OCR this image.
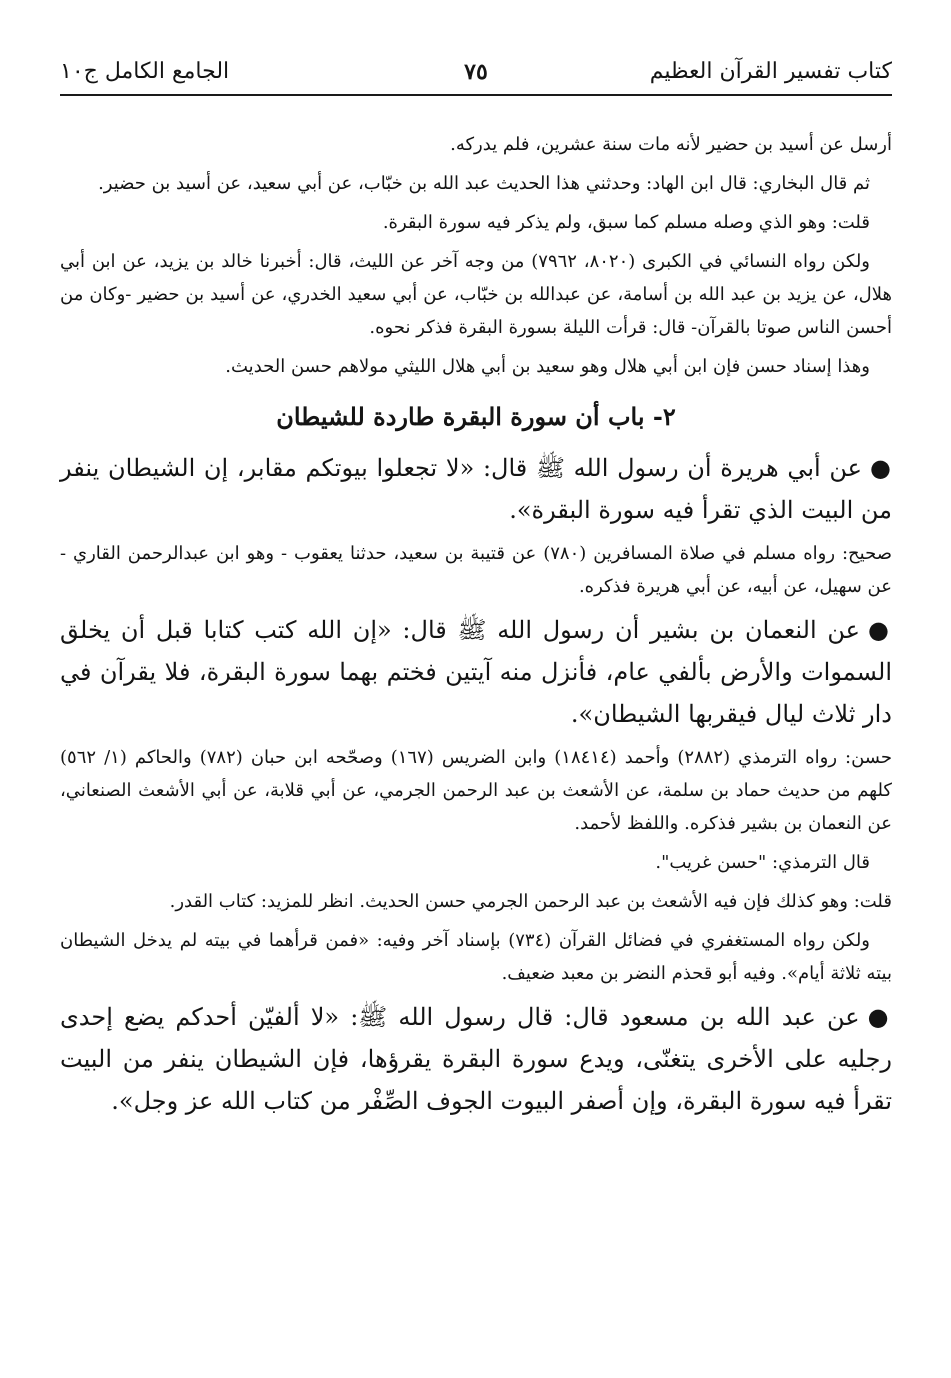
كتاب تفسير القرآن العظيم
٧٥
الجامع الكامل ج١٠

أرسل عن أسيد بن حضير لأنه مات سنة عشرين، فلم يدركه.

ثم قال البخاري: قال ابن الهاد: وحدثني هذا الحديث عبد الله بن خبّاب، عن أبي سعيد، عن أسيد بن حضير.

قلت: وهو الذي وصله مسلم كما سبق، ولم يذكر فيه سورة البقرة.

ولكن رواه النسائي في الكبرى (٨٠٢٠، ٧٩٦٢) من وجه آخر عن الليث، قال: أخبرنا خالد بن يزيد، عن ابن أبي هلال، عن يزيد بن عبد الله بن أسامة، عن عبدالله بن خبّاب، عن أبي سعيد الخدري، عن أسيد بن حضير -وكان من أحسن الناس صوتا بالقرآن- قال: قرأت الليلة بسورة البقرة فذكر نحوه.

وهذا إسناد حسن فإن ابن أبي هلال وهو سعيد بن أبي هلال الليثي مولاهم حسن الحديث.

٢- باب أن سورة البقرة طاردة للشيطان

●عن أبي هريرة أن رسول الله ﷺ قال: «لا تجعلوا بيوتكم مقابر، إن الشيطان ينفر من البيت الذي تقرأ فيه سورة البقرة».

صحيح: رواه مسلم في صلاة المسافرين (٧٨٠) عن قتيبة بن سعيد، حدثنا يعقوب - وهو ابن عبدالرحمن القاري - عن سهيل، عن أبيه، عن أبي هريرة فذكره.

●عن النعمان بن بشير أن رسول الله ﷺ قال: «إن الله كتب كتابا قبل أن يخلق السموات والأرض بألفي عام، فأنزل منه آيتين فختم بهما سورة البقرة، فلا يقرآن في دار ثلاث ليال فيقربها الشيطان».

حسن: رواه الترمذي (٢٨٨٢) وأحمد (١٨٤١٤) وابن الضريس (١٦٧) وصحّحه ابن حبان (٧٨٢) والحاكم (١/ ٥٦٢) كلهم من حديث حماد بن سلمة، عن الأشعث بن عبد الرحمن الجرمي، عن أبي قلابة، عن أبي الأشعث الصنعاني، عن النعمان بن بشير فذكره. واللفظ لأحمد.

قال الترمذي: "حسن غريب".

قلت: وهو كذلك فإن فيه الأشعث بن عبد الرحمن الجرمي حسن الحديث. انظر للمزيد: كتاب القدر.

ولكن رواه المستغفري في فضائل القرآن (٧٣٤) بإسناد آخر وفيه: «فمن قرأهما في بيته لم يدخل الشيطان بيته ثلاثة أيام». وفيه أبو قحذم النضر بن معبد ضعيف.

●عن عبد الله بن مسعود قال: قال رسول الله ﷺ: «لا ألفيّن أحدكم يضع إحدى رجليه على الأخرى يتغنّى، ويدع سورة البقرة يقرؤها، فإن الشيطان ينفر من البيت تقرأ فيه سورة البقرة، وإن أصفر البيوت الجوف الصِّفْر من كتاب الله عز وجل».
